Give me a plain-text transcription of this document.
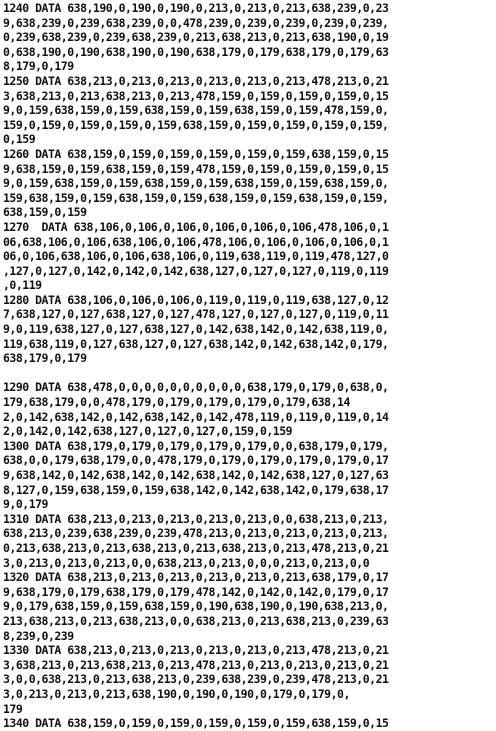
1240 DATA 638,190,0,190,0,190,0,213,0,213,0,213,638,239,0,23
9,638,239,0,239,638,239,0,0,478,239,0,239,0,239,0,239,0,239,
0,239,638,239,0,239,638,239,0,213,638,213,0,213,638,190,0,19
0,638,190,0,190,638,190,0,190,638,179,0,179,638,179,0,179,63
8,179,0,179
1250 DATA 638,213,0,213,0,213,0,213,0,213,0,213,478,213,0,21
3,638,213,0,213,638,213,0,213,478,159,0,159,0,159,0,159,0,15
9,0,159,638,159,0,159,638,159,0,159,638,159,0,159,478,159,0,
159,0,159,0,159,0,159,0,159,638,159,0,159,0,159,0,159,0,159,
0,159
1260 DATA 638,159,0,159,0,159,0,159,0,159,0,159,638,159,0,15
9,638,159,0,159,638,159,0,159,478,159,0,159,0,159,0,159,0,15
9,0,159,638,159,0,159,638,159,0,159,638,159,0,159,638,159,0,
159,638,159,0,159,638,159,0,159,638,159,0,159,638,159,0,159,
638,159,0,159
1270  DATA 638,106,0,106,0,106,0,106,0,106,0,106,478,106,0,1
06,638,106,0,106,638,106,0,106,478,106,0,106,0,106,0,106,0,1
06,0,106,638,106,0,106,638,106,0,119,638,119,0,119,478,127,0
,127,0,127,0,142,0,142,0,142,638,127,0,127,0,127,0,119,0,119
,0,119
1280 DATA 638,106,0,106,0,106,0,119,0,119,0,119,638,127,0,12
7,638,127,0,127,638,127,0,127,478,127,0,127,0,127,0,119,0,11
9,0,119,638,127,0,127,638,127,0,142,638,142,0,142,638,119,0,
119,638,119,0,127,638,127,0,127,638,142,0,142,638,142,0,179,
638,179,0,179
1290 DATA 638,478,0,0,0,0,0,0,0,0,0,0,638,179,0,179,0,638,0,
179,638,179,0,0,478,179,0,179,0,179,0,179,0,179,638,14
2,0,142,638,142,0,142,638,142,0,142,478,119,0,119,0,119,0,14
2,0,142,0,142,638,127,0,127,0,127,0,159,0,159
1300 DATA 638,179,0,179,0,179,0,179,0,179,0,0,638,179,0,179,
638,0,0,179,638,179,0,0,478,179,0,179,0,179,0,179,0,179,0,17
9,638,142,0,142,638,142,0,142,638,142,0,142,638,127,0,127,63
8,127,0,159,638,159,0,159,638,142,0,142,638,142,0,179,638,17
9,0,179
1310 DATA 638,213,0,213,0,213,0,213,0,213,0,0,638,213,0,213,
638,213,0,239,638,239,0,239,478,213,0,213,0,213,0,213,0,213,
0,213,638,213,0,213,638,213,0,213,638,213,0,213,478,213,0,21
3,0,213,0,213,0,213,0,0,638,213,0,213,0,0,0,213,0,213,0,0
1320 DATA 638,213,0,213,0,213,0,213,0,213,0,213,638,179,0,17
9,638,179,0,179,638,179,0,179,478,142,0,142,0,142,0,179,0,17
9,0,179,638,159,0,159,638,159,0,190,638,190,0,190,638,213,0,
213,638,213,0,213,638,213,0,0,638,213,0,213,638,213,0,239,63
8,239,0,239
1330 DATA 638,213,0,213,0,213,0,213,0,213,0,213,478,213,0,21
3,638,213,0,213,638,213,0,213,478,213,0,213,0,213,0,213,0,21
3,0,0,638,213,0,213,638,213,0,239,638,239,0,239,478,213,0,21
3,0,213,0,213,0,213,638,190,0,190,0,190,0,179,0,179,0,
179
1340 DATA 638,159,0,159,0,159,0,159,0,159,0,159,638,159,0,15
